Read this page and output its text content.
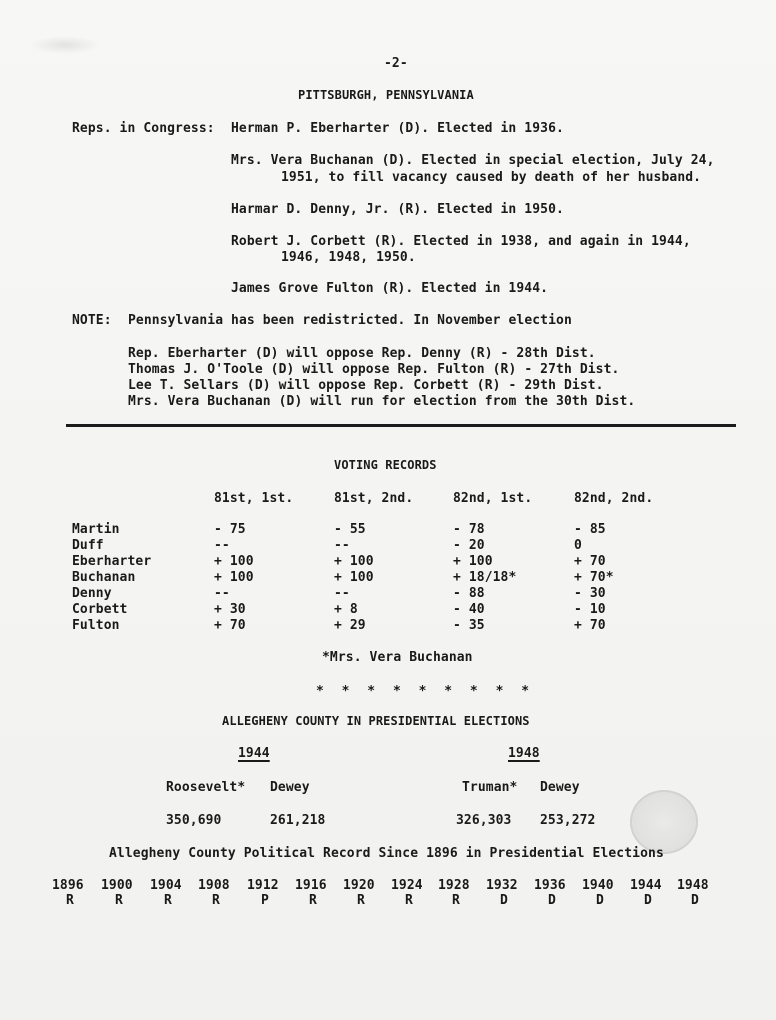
-2-
PITTSBURGH, PENNSYLVANIA
Reps. in Congress: Herman P. Eberharter (D). Elected in 1936.
Mrs. Vera Buchanan (D). Elected in special election, July 24,
1951, to fill vacancy caused by death of her husband.
Harmar D. Denny, Jr. (R). Elected in 1950.
Robert J. Corbett (R). Elected in 1938, and again in 1944,
1946, 1948, 1950.
James Grove Fulton (R). Elected in 1944.
NOTE: Pennsylvania has been redistricted. In November election
Rep. Eberharter (D) will oppose Rep. Denny (R) - 28th Dist.
Thomas J. O'Toole (D) will oppose Rep. Fulton (R) - 27th Dist.
Lee T. Sellars (D) will oppose Rep. Corbett (R) - 29th Dist.
Mrs. Vera Buchanan (D) will run for election from the 30th Dist.
VOTING RECORDS
81st, 1st.	81st, 2nd.	82nd, 1st.	82nd, 2nd.
Martin	- 75	- 55	- 78	- 85
Duff	--	--	- 20	0
Eberharter	+ 100	+ 100	+ 100	+ 70
Buchanan	+ 100	+ 100	+ 18/18*	+ 70*
Denny	--	--	- 88	- 30
Corbett	+ 30	+ 8	- 40	- 10
Fulton	+ 70	+ 29	- 35	+ 70
*Mrs. Vera Buchanan
* * * * * * * * *
ALLEGHENY COUNTY IN PRESIDENTIAL ELECTIONS
1944	1948
Roosevelt* Dewey	Truman* Dewey
350,690	261,218	326,303 253,272
Allegheny County Political Record Since 1896 in Presidential Elections
1896 1900 1904 1908 1912 1916 1920 1924 1928 1932 1936 1940 1944 1948
R	R	R	R	P	R	R	R	R	D	D	D	D	D
